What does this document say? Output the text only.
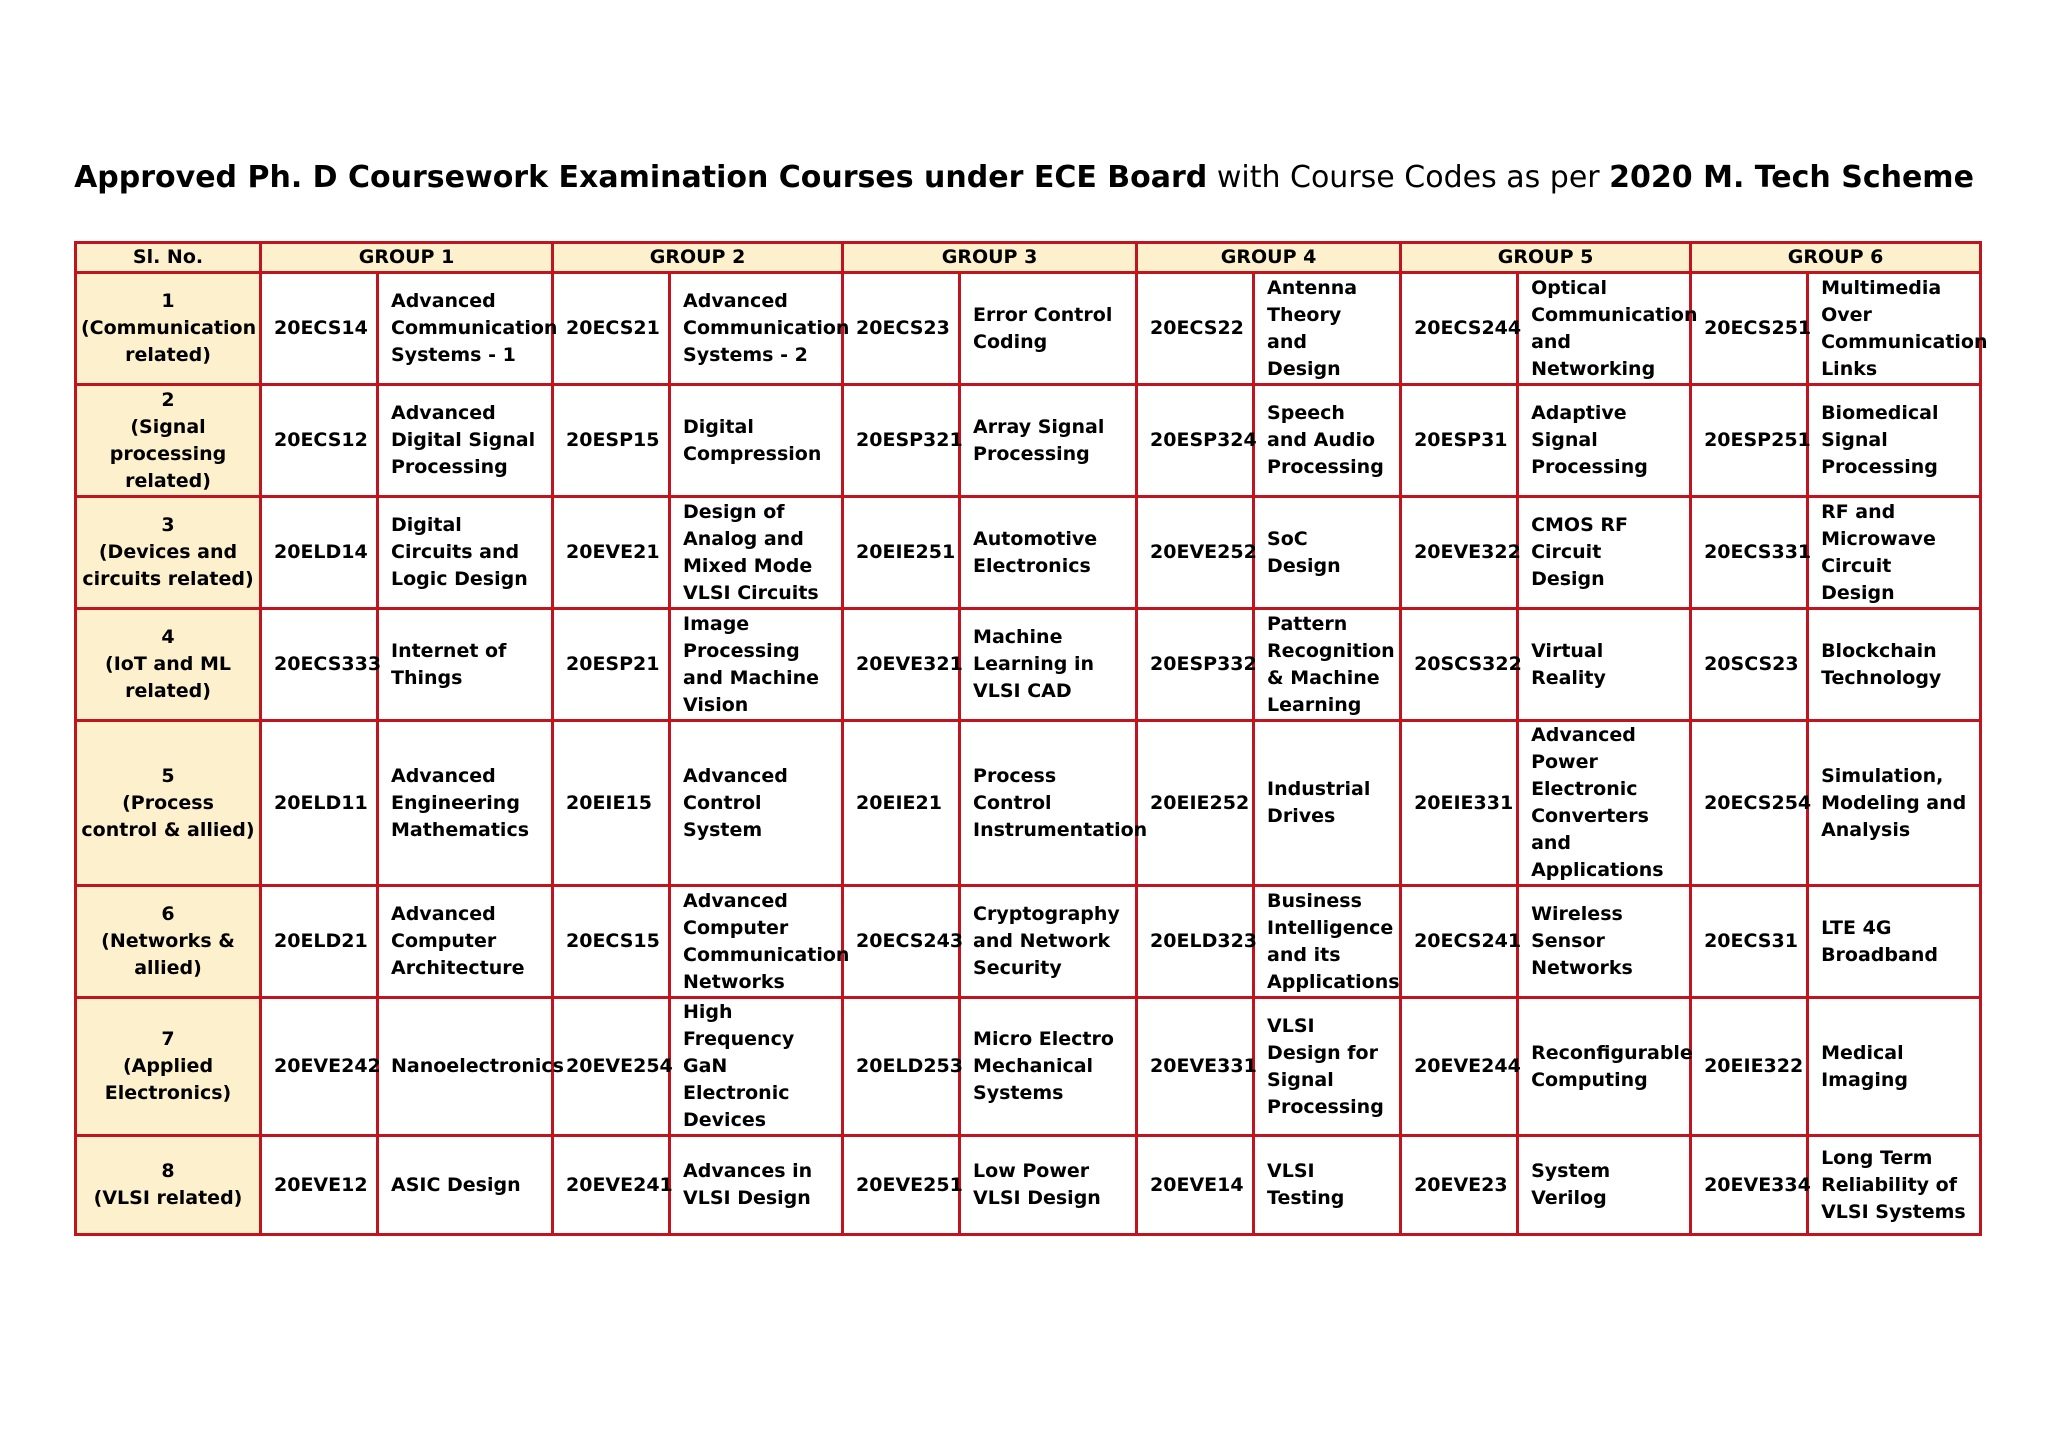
Approved Ph. D Coursework Examination Courses under ECE Board with Course Codes as per 2020 M. Tech Scheme
Sl. No.	GROUP 1		GROUP 2		GROUP 3		GROUP 4		GROUP 5		GROUP 6	

1
(Communication related)	20ECS14	Advanced Communication Systems - 1	20ECS21	Advanced Communication Systems - 2	20ECS23	Error Control Coding	20ECS22	Antenna Theory and Design	20ECS244	Optical Communication and Networking	20ECS251	Multimedia Over Communication Links

2
(Signal processing related)	20ECS12	Advanced Digital Signal Processing	20ESP15	Digital Compression	20ESP321	Array Signal Processing	20ESP324	Speech and Audio Processing	20ESP31	Adaptive Signal Processing	20ESP251	Biomedical Signal Processing

3
(Devices and circuits related)	20ELD14	Digital Circuits and Logic Design	20EVE21	Design of Analog and Mixed Mode VLSI Circuits	20EIE251	Automotive Electronics	20EVE252	SoC Design	20EVE322	CMOS RF Circuit Design	20ECS331	RF and Microwave Circuit Design

4
(IoT and ML related)	20ECS333	Internet of Things	20ESP21	Image Processing and Machine Vision	20EVE321	Machine Learning in VLSI CAD	20ESP332	Pattern Recognition & Machine Learning	20SCS322	Virtual Reality	20SCS23	Blockchain Technology

5
(Process control & allied)	20ELD11	Advanced Engineering Mathematics	20EIE15	Advanced Control System	20EIE21	Process Control Instrumentation	20EIE252	Industrial Drives	20EIE331	Advanced Power Electronic Converters and Applications	20ECS254	Simulation, Modeling and Analysis

6
(Networks & allied)	20ELD21	Advanced Computer Architecture	20ECS15	Advanced Computer Communication Networks	20ECS243	Cryptography and Network Security	20ELD323	Business Intelligence and its Applications	20ECS241	Wireless Sensor Networks	20ECS31	LTE 4G Broadband

7
(Applied Electronics)	20EVE242	Nanoelectronics	20EVE254	High Frequency GaN Electronic Devices	20ELD253	Micro Electro Mechanical Systems	20EVE331	VLSI Design for Signal Processing	20EVE244	Reconfigurable Computing	20EIE322	Medical Imaging

8
(VLSI related)	20EVE12	ASIC Design	20EVE241	Advances in VLSI Design	20EVE251	Low Power VLSI Design	20EVE14	VLSI Testing	20EVE23	System Verilog	20EVE334	Long Term Reliability of VLSI Systems
